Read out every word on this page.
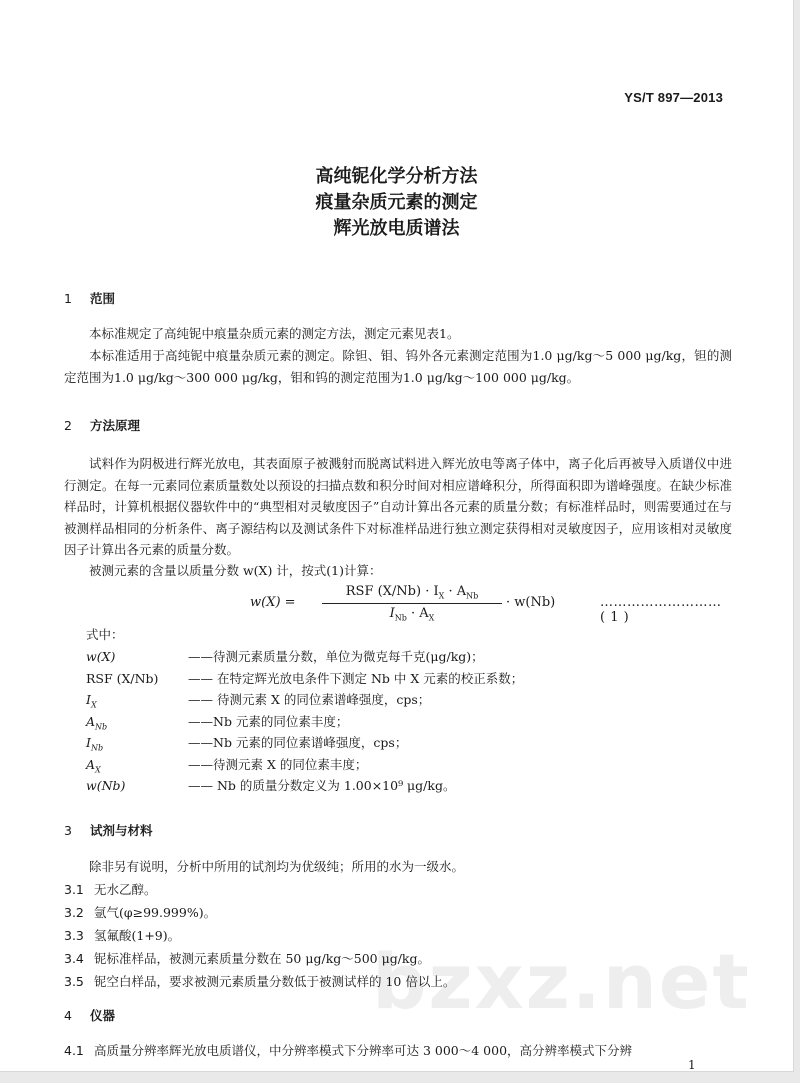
YS/T 897—2013
高纯铌化学分析方法
痕量杂质元素的测定
辉光放电质谱法
1 范围
本标准规定了高纯铌中痕量杂质元素的测定方法，测定元素见表1。
本标准适用于高纯铌中痕量杂质元素的测定。除钽、钼、钨外各元素测定范围为1.0 μg/kg～5 000 μg/kg，钽的测定范围为1.0 μg/kg～300 000 μg/kg，钼和钨的测定范围为1.0 μg/kg～100 000 μg/kg。
2 方法原理
试料作为阴极进行辉光放电，其表面原子被溅射而脱离试料进入辉光放电等离子体中，离子化后再被导入质谱仪中进行测定。在每一元素同位素质量数处以预设的扫描点数和积分时间对相应谱峰积分，所得面积即为谱峰强度。在缺少标准样品时，计算机根据仪器软件中的“典型相对灵敏度因子”自动计算出各元素的质量分数；有标准样品时，则需要通过在与被测样品相同的分析条件、离子源结构以及测试条件下对标准样品进行独立测定获得相对灵敏度因子，应用该相对灵敏度因子计算出各元素的质量分数。
被测元素的含量以质量分数 w(X) 计，按式(1)计算：
w(X) =
RSF $(X/Nb) \cdot I_X \cdot A_{Nb}$
$I_{Nb} \cdot A_X$
· w(Nb)	……………………… ( 1 )
式中：
w(X)	——待测元素质量分数，单位为微克每千克(μg/kg)；
RSF (X/Nb) —— 在特定辉光放电条件下测定 Nb 中 X 元素的校正系数；
$I_X$	—— 待测元素 X 的同位素谱峰强度，cps；
$A_{Nb}$	——Nb 元素的同位素丰度；
$I_{Nb}$	——Nb 元素的同位素谱峰强度，cps；
$A_X$	——待测元素 X 的同位素丰度；
w(Nb)	—— Nb 的质量分数定义为 1.00×10⁹ μg/kg。
3 试剂与材料
除非另有说明，分析中所用的试剂均为优级纯；所用的水为一级水。
3.1 无水乙醇。
3.2 氩气(φ≥99.999%)。
3.3 氢氟酸(1+9)。
bzxz.net
3.4 铌标准样品，被测元素质量分数在 50 μg/kg～500 μg/kg。
3.5 铌空白样品，要求被测元素质量分数低于被测试样的 10 倍以上。
4 仪器
4.1 高质量分辨率辉光放电质谱仪，中分辨率模式下分辨率可达 3 000～4 000，高分辨率模式下分辨
1
